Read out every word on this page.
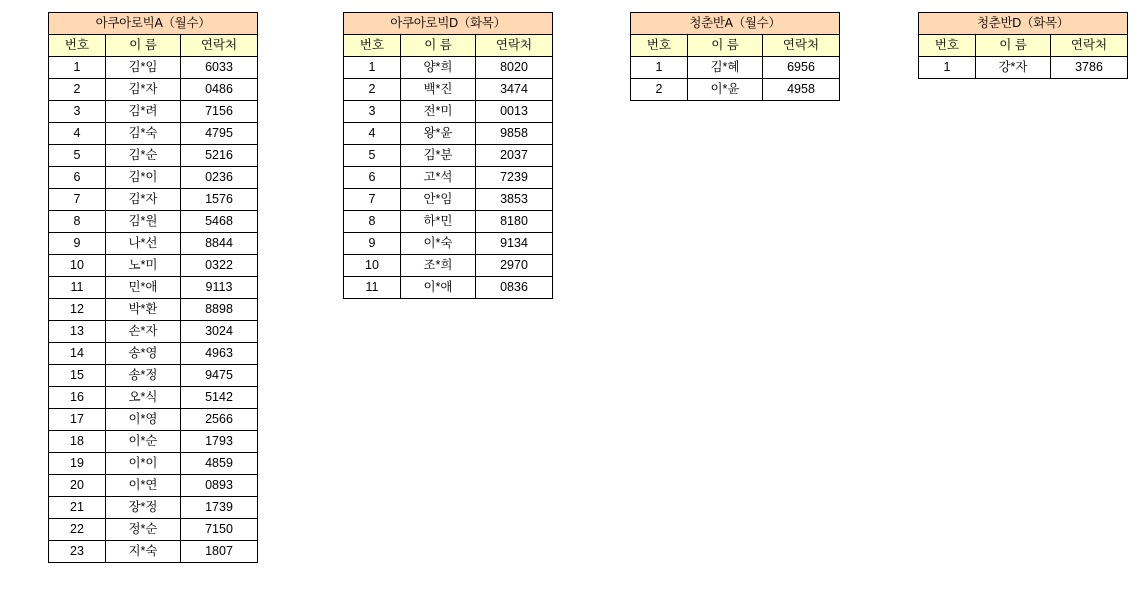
아쿠아로빅A（월수）		
번호	이 름	연락처
1	김*임	6033
2	김*자	0486
3	김*려	7156
4	김*숙	4795
5	김*순	5216
6	김*이	0236
7	김*자	1576
8	김*원	5468
9	나*선	8844
10	노*미	0322
11	민*애	9113
12	박*환	8898
13	손*자	3024
14	송*영	4963
15	송*정	9475
16	오*식	5142
17	이*영	2566
18	이*순	1793
19	이*이	4859
20	이*연	0893
21	장*정	1739
22	정*순	7150
23	지*숙	1807
아쿠아로빅D（화목）		
번호	이 름	연락처
1	양*희	8020
2	백*진	3474
3	전*미	0013
4	왕*윤	9858
5	김*분	2037
6	고*석	7239
7	안*임	3853
8	하*민	8180
9	이*숙	9134
10	조*희	2970
11	이*애	0836
청춘반A（월수）		
번호	이 름	연락처
1	김*혜	6956
2	이*윤	4958
청춘반D（화목）		
번호	이 름	연락처
1	강*자	3786
